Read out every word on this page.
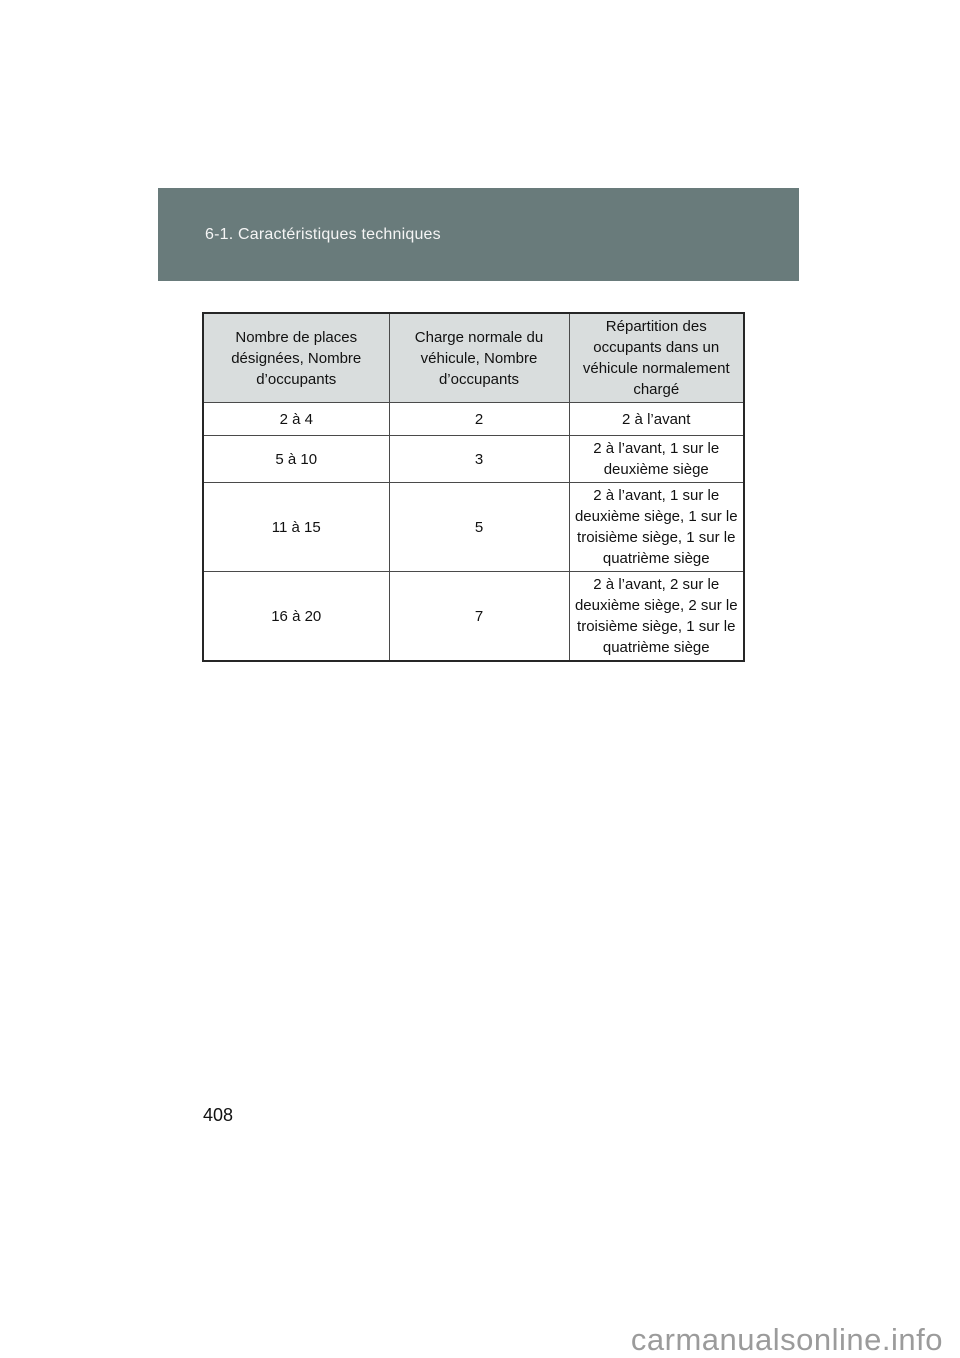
6-1. Caractéristiques techniques
Nombre de places désignées, Nombre d’occupants	Charge normale du véhicule, Nombre d’occupants	Répartition des occupants dans un véhicule normalement chargé
2 à 4	2	2 à l’avant
5 à 10	3	2 à l’avant, 1 sur le deuxième siège
11 à 15	5	2 à l’avant, 1 sur le deuxième siège, 1 sur le troisième siège, 1 sur le quatrième siège
16 à 20	7	2 à l’avant, 2 sur le deuxième siège, 2 sur le troisième siège, 1 sur le quatrième siège
408
carmanualsonline.info
